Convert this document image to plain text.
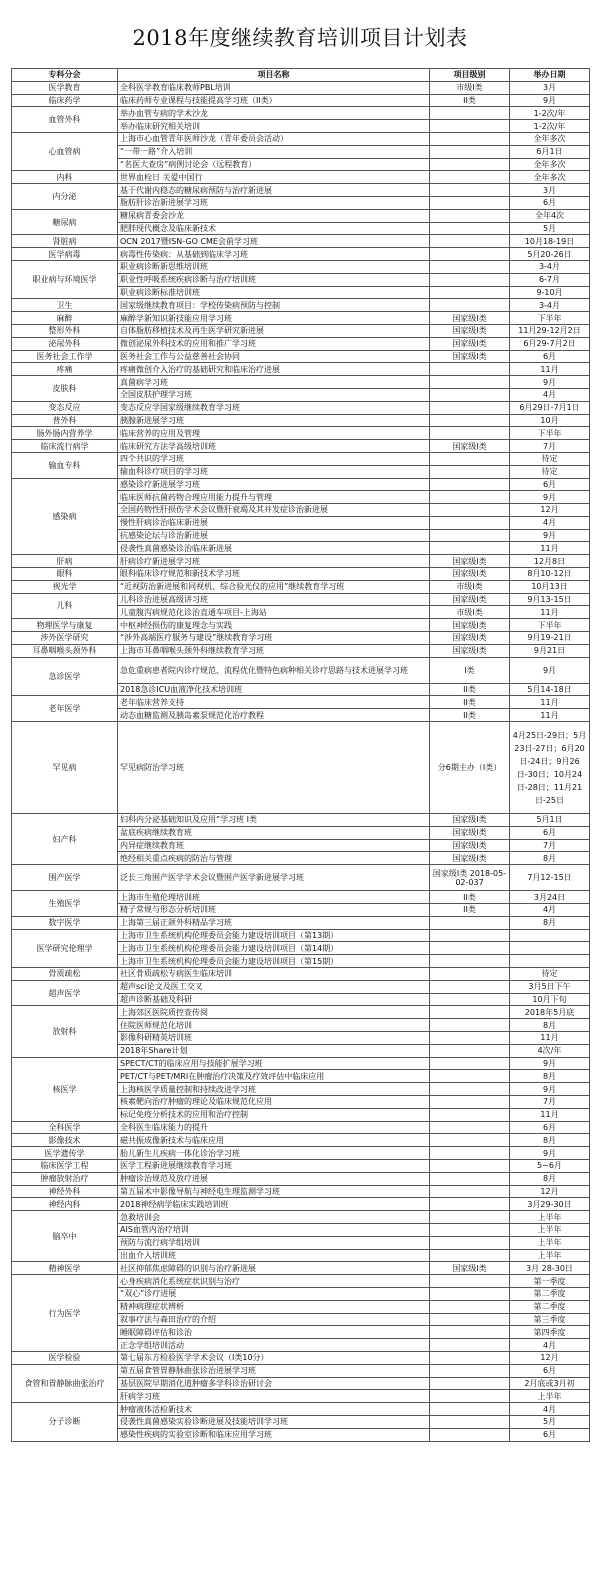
2018年度继续教育培训项目计划表
专科分会	项目名称	项目级别	举办日期
医学教育	全科医学教育临床教师PBL培训	市级I类	3月
临床药学	临床药师专业课程与技能提高学习班（II类）	II类	9月
血管外科	举办血管专病的学术沙龙		1-2次/年
	举办临床研究相关培训		1-2次/年
心血管病	上海市心血管青年医师沙龙（青年委员会活动）		全年多次
	“一带一路”介入培训		6月1日
	“名医大查房”病例讨论会（远程教育）		全年多次
内科	世界血栓日 关爱中国行		全年多次
内分泌	基于代谢内稳态的糖尿病预防与治疗新进展		3月
	脂肪肝诊治新进展学习班		6月
糖尿病	糖尿病青委会沙龙		全年4次
	肥胖现代概念及临床新技术		5月
肾脏病	OCN 2017暨ISN-GO CME会前学习班		10月18-19日
医学病毒	病毒性传染病：从基础到临床学习班		5月20-26日
职业病与环境医学	职业病诊断新思维培训班		3-4月
	职业性呼吸系统疾病诊断与治疗培训班		6-7月
	职业病诊断标准培训班		9-10月
卫生	国家级继续教育项目：学校传染病预防与控制		3-4月
麻醉	麻醉学新知识新技能应用学习班	国家级I类	下半年
整形外科	自体脂肪移植技术及再生医学研究新进展	国家级I类	11月29-12月2日
泌尿外科	微创泌尿外科技术的应用和推广学习班	国家级I类	6月29-7月2日
医务社会工作学	医务社会工作与公益慈善社会协同	国家级I类	6月
疼痛	疼痛微创介入治疗的基础研究和临床治疗进展		11月
皮肤科	真菌病学习班		9月
	全国皮肤护理学习班		4月
变态反应	变态反应学国家级继续教育学习班		6月29日-7月1日
普外科	胰腺新进展学习班		10月
肠外肠内营养学	临床营养的应用及管理		下半年
临床流行病学	临床研究方法学高级培训班	国家级I类	7月
输血专科	四个共识的学习班		待定
	输血科诊疗项目的学习班		待定
感染病	感染诊疗新进展学习班		6月
	临床医师抗菌药物合理应用能力提升与管理		9月
	全国药物性肝损伤学术会议暨肝衰竭及其并发症诊治新进展		12月
	慢性肝病诊治临床新进展		4月
	抗感染论坛与诊治新进展		9月
	侵袭性真菌感染诊治临床新进展		11月
肝病	肝病诊疗新进展学习班	国家级I类	12月8日
眼科	眼科临床诊疗规范和新技术学习班	国家级I类	8月10-12日
视光学	“近视防治新进展和同视机、综合验光仪的应用”继续教育学习班	市级I类	10月13日
儿科	儿科诊治进展高级讲习班	国家级I类	9月13-15日
	儿童腹泻病规范化诊治直通车项目-上海站	市级I类	11月
物理医学与康复	中枢神经损伤的康复理念与实践	国家级I类	下半年
涉外医学研究	“涉外高端医疗服务与建设”继续教育学习班	国家级I类	9月19-21日
耳鼻咽喉头颈外科	上海市耳鼻咽喉头颈外科继续教育学习班	国家级I类	9月21日
急诊医学	急危重病患者院内诊疗规范、流程优化暨特色病种相关诊疗思路与技术进展学习班	I类	9月
	2018急诊ICU血液净化技术培训班	II类	5月14-18日
老年医学	老年临床营养支持	II类	11月
	动态血糖监测及胰岛素泵规范化治疗教程	II类	11月
罕见病	罕见病防治学习班	分6期主办（I类）	4月25日-29日；5月23日-27日；6月20日-24日；9月26日-30日；10月24日-28日；11月21日-25日
妇产科	妇科内分泌基础知识及应用”学习班 I类	国家级I类	5月1日
	盆底疾病继续教育班	国家级I类	6月
	内异症继续教育班	国家级I类	7月
	绝经相关重点疾病的防治与管理	国家级I类	8月
围产医学	泛长三角围产医学学术会议暨围产医学新进展学习班	国家级I类 2018-05-02-037	7月12-15日
生殖医学	上海市生殖伦理培训班	II类	3月24日
	精子常规与形态分析培训班	II类	4月
数字医学	上海第三届正颌外科精品学习班		8月
医学研究伦理学	上海市卫生系统机构伦理委员会能力建设培训项目（第13期）		
	上海市卫生系统机构伦理委员会能力建设培训项目（第14期）		
	上海市卫生系统机构伦理委员会能力建设培训项目（第15期）		
骨质疏松	社区骨质疏松专病医生临床培训		待定
超声医学	超声sci论文及医工交叉		3月5日下午
	超声诊断基础及科研		10月下旬
放射科	上海郊区医院质控查传阅		2018年5月底
	住院医师规范化培训		8月
	影像科研精英培训班		11月
	2018年Share计划		4次/年
核医学	SPECT/CT的临床应用与技能扩展学习班		9月
	PET/CT与PET/MRI在肿瘤治疗决策及疗效评估中临床应用		8月
	上海核医学质量控制和持续改进学习班		9月
	核素靶向治疗肿瘤的理论及临床规范化应用		7月
	标记免疫分析技术的应用和治疗控制		11月
全科医学	全科医生临床能力的提升		6月
影像技术	磁共振成像新技术与临床应用		8月
医学遗传学	胎儿新生儿疾病一体化诊治学习班		9月
临床医学工程	医学工程新进展继续教育学习班		5~6月
肿瘤放射治疗	肿瘤诊治规范及放疗进展		8月
神经外科	第五届术中影像导航与神经电生理监测学习班		12月
神经内科	2018神经病学临床实践培训班		3月29-30日
脑卒中	急救培训会		上半年
	AIS血管内治疗培训		上半年
	预防与流行病学组培训		上半年
	出血介入培训班		上半年
精神医学	社区抑郁焦虑障碍的识别与治疗新进展	国家级I类	3月 28-30日
行为医学	心身疾病消化系统症状识别与治疗		第一季度
	“双心”诊疗进展		第二季度
	精神病理症状辨析		第二季度
	叙事疗法与森田治疗的介绍		第三季度
	睡眠障碍评估和诊治		第四季度
	正念学组培训活动		4月
医学检验	第七届东方检验医学学术会议（I类10分）		12月
食管和胃静脉曲张治疗	第五届食管胃静脉曲张诊治进展学习班		6月
	基层医院早期消化道肿瘤多学科诊治研讨会		2月底或3月初
	肝病学习班		上半年
分子诊断	肿瘤液体活检新技术		4月
	侵袭性真菌感染实验诊断进展及技能培训学习班		5月
	感染性疾病的实验室诊断和临床应用学习班		6月
